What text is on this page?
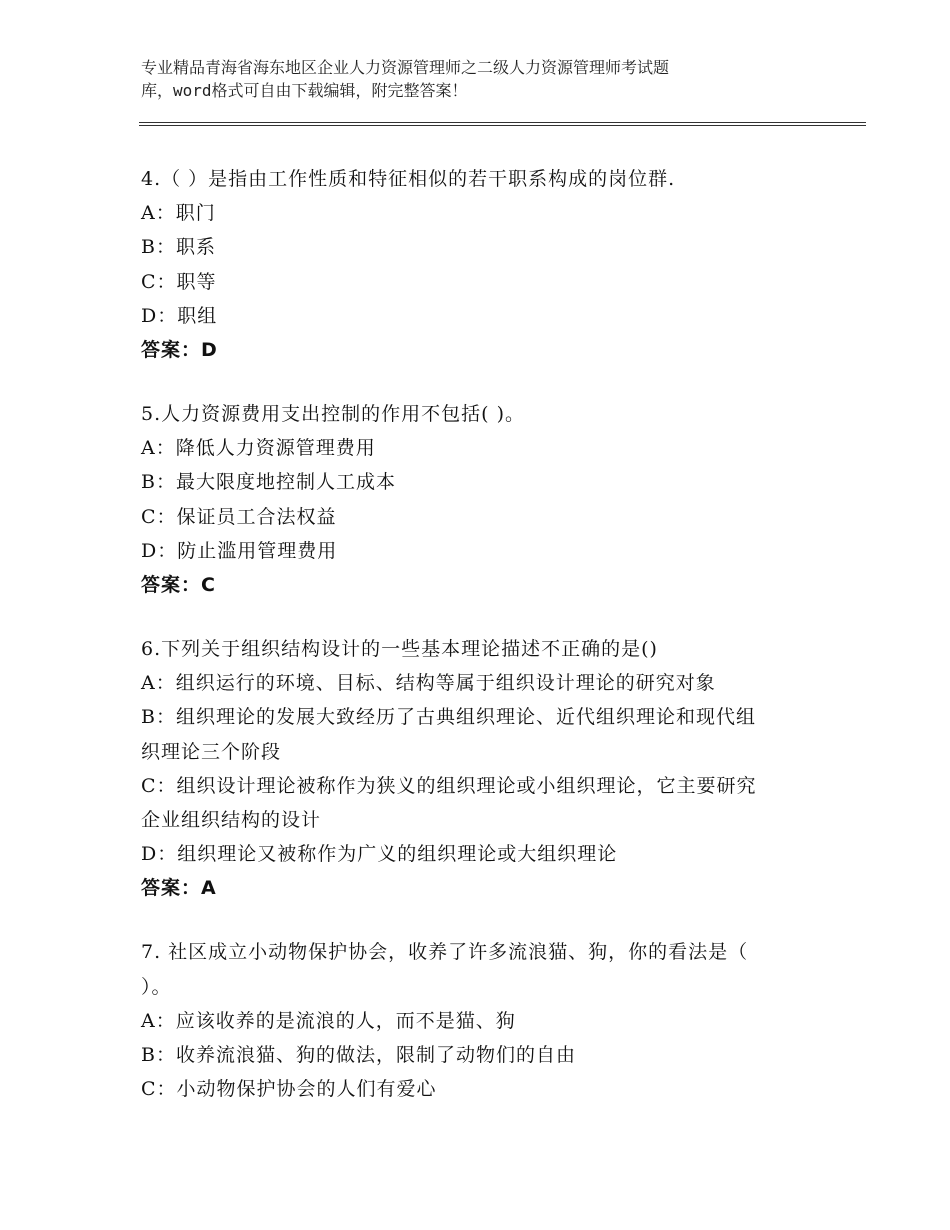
专业精品青海省海东地区企业人力资源管理师之二级人力资源管理师考试题
库，word格式可自由下载编辑，附完整答案！
4.（ ）是指由工作性质和特征相似的若干职系构成的岗位群.
A：职门
B：职系
C：职等
D：职组
答案：D
5.人力资源费用支出控制的作用不包括( )。
A：降低人力资源管理费用
B：最大限度地控制人工成本
C：保证员工合法权益
D：防止滥用管理费用
答案：C
6.下列关于组织结构设计的一些基本理论描述不正确的是()
A：组织运行的环境、目标、结构等属于组织设计理论的研究对象
B：组织理论的发展大致经历了古典组织理论、近代组织理论和现代组
织理论三个阶段
C：组织设计理论被称作为狭义的组织理论或小组织理论，它主要研究
企业组织结构的设计
D：组织理论又被称作为广义的组织理论或大组织理论
答案：A
7. 社区成立小动物保护协会，收养了许多流浪猫、狗，你的看法是（
）。
A：应该收养的是流浪的人，而不是猫、狗
B：收养流浪猫、狗的做法，限制了动物们的自由
C：小动物保护协会的人们有爱心
